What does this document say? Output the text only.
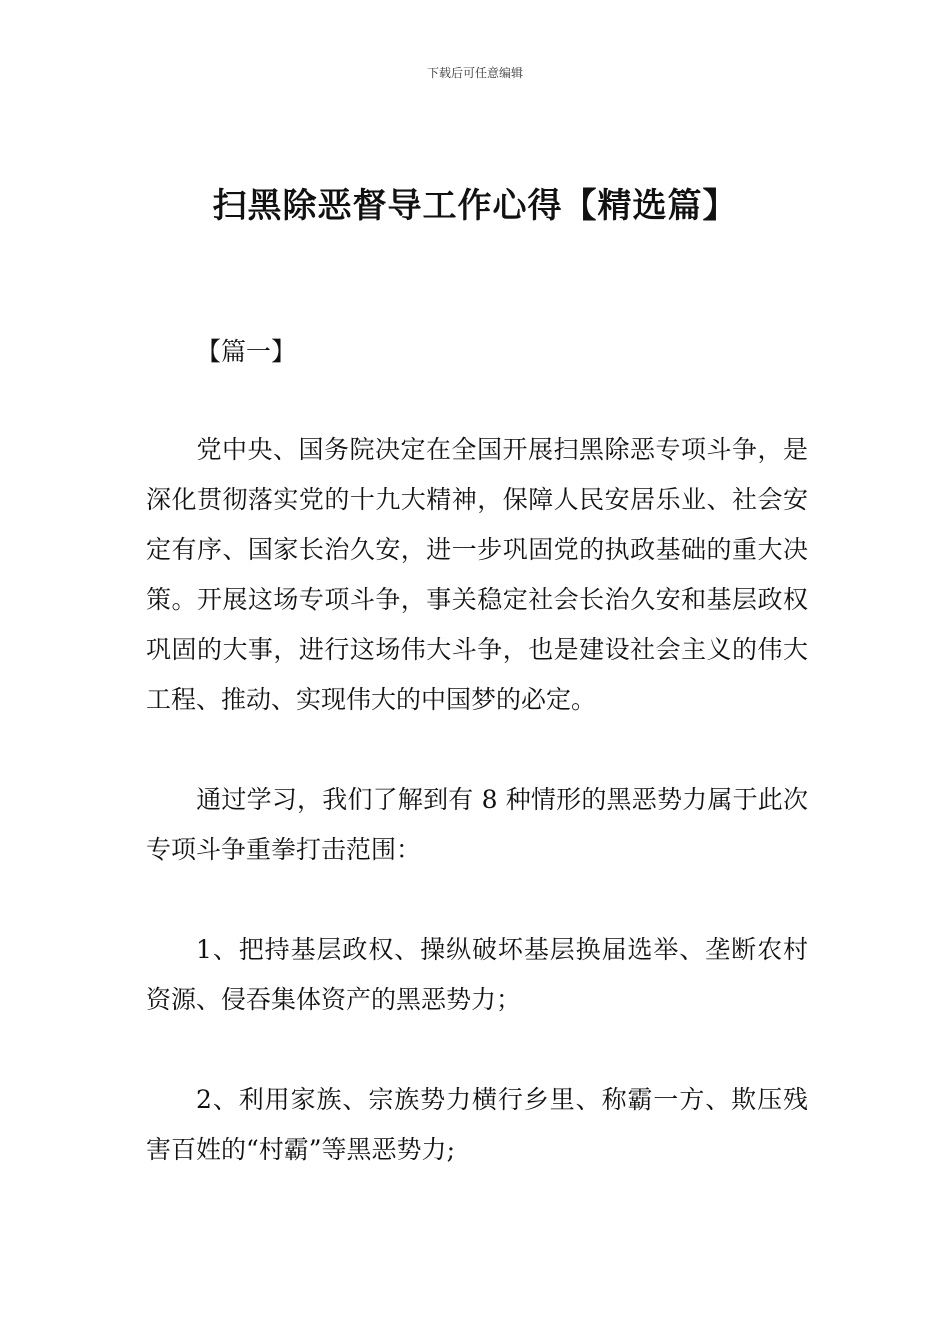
下载后可任意编辑
扫黑除恶督导工作心得【精选篇】
【篇一】

党中央、国务院决定在全国开展扫黑除恶专项斗争，是深化贯彻落实党的十九大精神，保障人民安居乐业、社会安定有序、国家长治久安，进一步巩固党的执政基础的重大决策。开展这场专项斗争，事关稳定社会长治久安和基层政权巩固的大事，进行这场伟大斗争，也是建设社会主义的伟大工程、推动、实现伟大的中国梦的必定。

通过学习，我们了解到有 8 种情形的黑恶势力属于此次专项斗争重拳打击范围：

1、把持基层政权、操纵破坏基层换届选举、垄断农村资源、侵吞集体资产的黑恶势力；

2、利用家族、宗族势力横行乡里、称霸一方、欺压残害百姓的“村霸”等黑恶势力;
